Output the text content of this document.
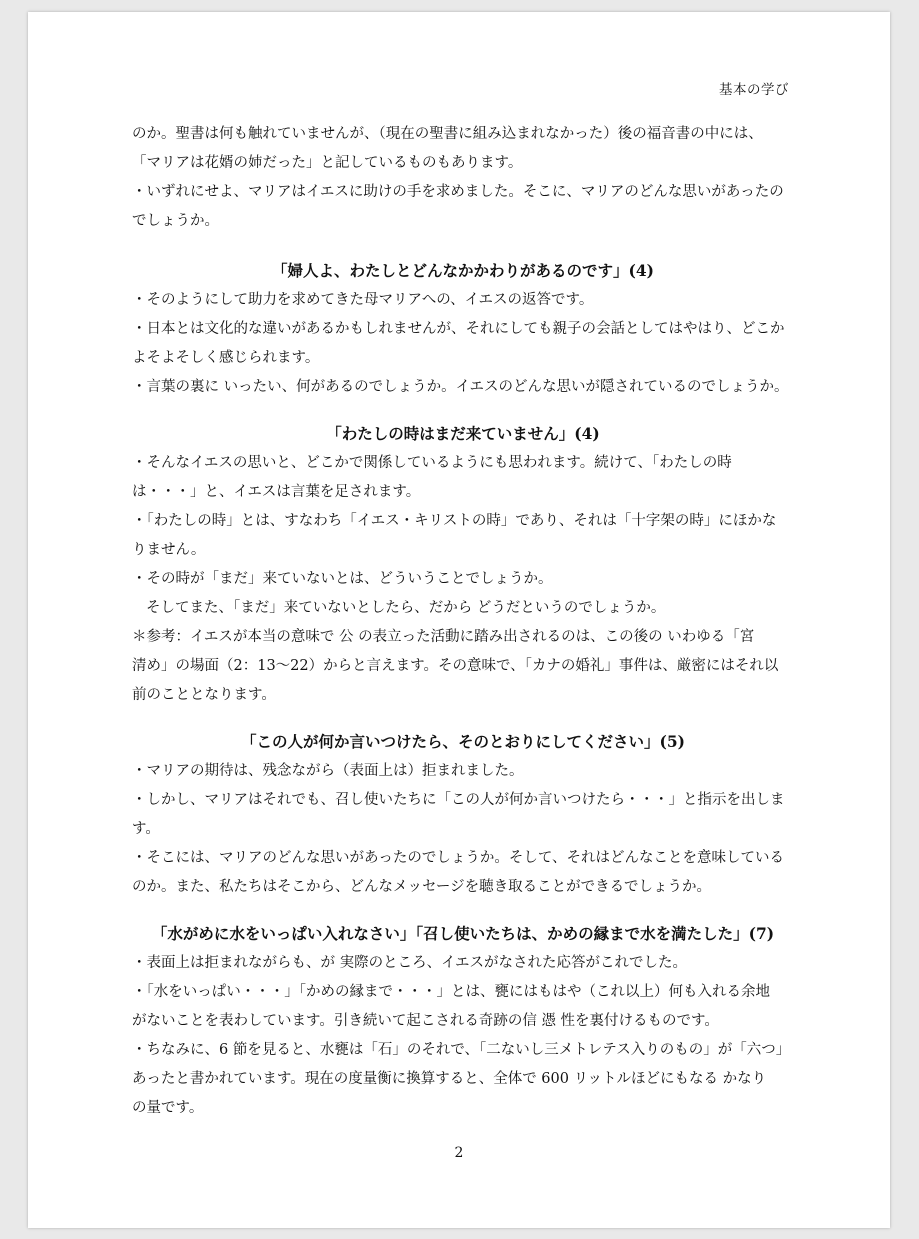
基本の学び

のか。聖書は何も触れていませんが、（現在の聖書に組み込まれなかった）後の福音書の中には、

「マリアは花婿の姉だった」と記しているものもあります。

・いずれにせよ、マリアはイエスに助けの手を求めました。そこに、マリアのどんな思いがあったの

でしょうか。

「婦人よ、わたしとどんなかかわりがあるのです」(4)

・そのようにして助力を求めてきた母マリアへの、イエスの返答です。

・日本とは文化的な違いがあるかもしれませんが、それにしても親子の会話としてはやはり、どこか

よそよそしく感じられます。

・言葉の裏に いったい、何があるのでしょうか。イエスのどんな思いが隠されているのでしょうか。

「わたしの時はまだ来ていません」(4)

・そんなイエスの思いと、どこかで関係しているようにも思われます。続けて、「わたしの時

は・・・」と、イエスは言葉を足されます。

・「わたしの時」とは、すなわち「イエス・キリストの時」であり、それは「十字架の時」にほかな

りません。

・その時が「まだ」来ていないとは、どういうことでしょうか。

そしてまた、「まだ」来ていないとしたら、だから どうだというのでしょうか。

＊参考：イエスが本当の意味で 公 の表立った活動に踏み出されるのは、この後の いわゆる「宮

清め」の場面（2：13〜22）からと言えます。その意味で、「カナの婚礼」事件は、厳密にはそれ以

前のこととなります。

「この人が何か言いつけたら、そのとおりにしてください」(5)

・マリアの期待は、残念ながら（表面上は）拒まれました。

・しかし、マリアはそれでも、召し使いたちに「この人が何か言いつけたら・・・」と指示を出しま

す。

・そこには、マリアのどんな思いがあったのでしょうか。そして、それはどんなことを意味している

のか。また、私たちはそこから、どんなメッセージを聴き取ることができるでしょうか。

「水がめに水をいっぱい入れなさい」「召し使いたちは、かめの縁まで水を満たした」(7)

・表面上は拒まれながらも、が 実際のところ、イエスがなされた応答がこれでした。

・「水をいっぱい・・・」「かめの縁まで・・・」とは、甕にはもはや（これ以上）何も入れる余地

がないことを表わしています。引き続いて起こされる奇跡の信 憑 性を裏付けるものです。

・ちなみに、6 節を見ると、水甕は「石」のそれで、「二ないし三メトレテス入りのもの」が「六つ」

あったと書かれています。現在の度量衡に換算すると、全体で 600 リットルほどにもなる かなり

の量です。

2
